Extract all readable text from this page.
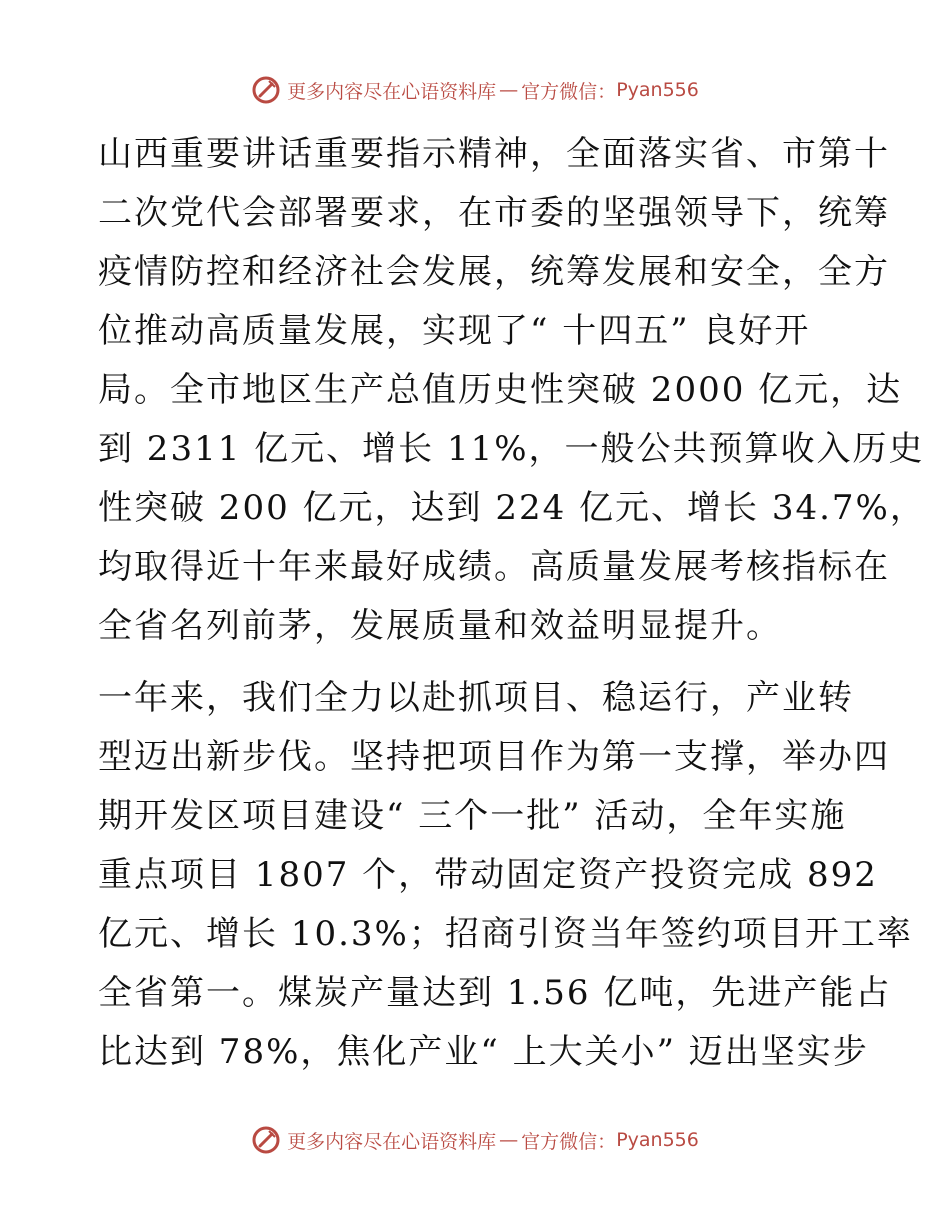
更多内容尽在心语资料库 — 官方微信： Pyan556
山西重要讲话重要指示精神，全面落实省、市第十
二次党代会部署要求，在市委的坚强领导下，统筹
疫情防控和经济社会发展，统筹发展和安全，全方
位推动高质量发展，实现了“ 十四五” 良好开
局。全市地区生产总值历史性突破 2000 亿元，达
到 2311 亿元、增长 11%，一般公共预算收入历史
性突破 200 亿元，达到 224 亿元、增长 34.7%，
均取得近十年来最好成绩。高质量发展考核指标在
全省名列前茅，发展质量和效益明显提升。
一年来，我们全力以赴抓项目、稳运行，产业转
型迈出新步伐。坚持把项目作为第一支撑，举办四
期开发区项目建设“ 三个一批” 活动，全年实施
重点项目 1807 个，带动固定资产投资完成 892
亿元、增长 10.3%；招商引资当年签约项目开工率
全省第一。煤炭产量达到 1.56 亿吨，先进产能占
比达到 78%，焦化产业“ 上大关小” 迈出坚实步
更多内容尽在心语资料库 — 官方微信： Pyan556
